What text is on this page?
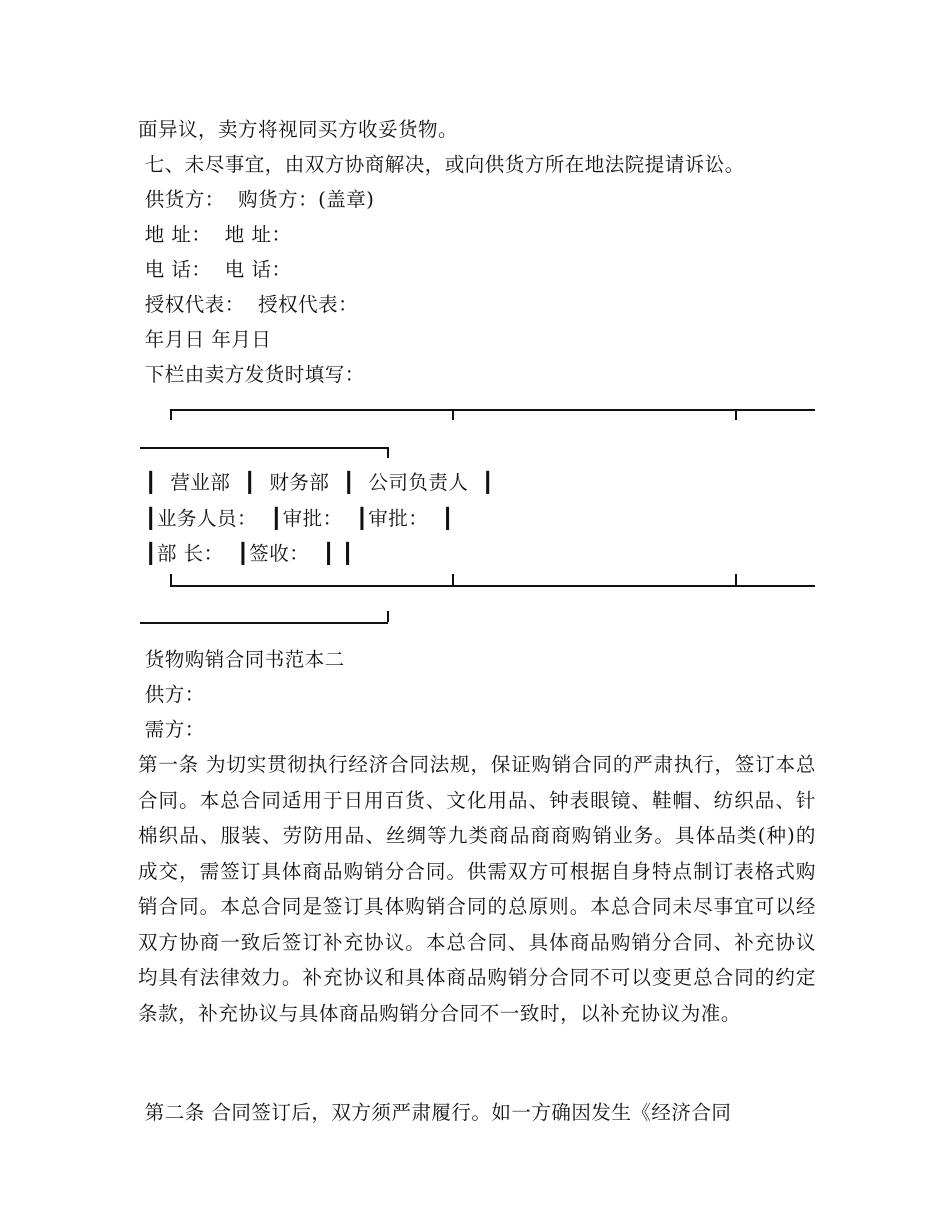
面异议，卖方将视同买方收妥货物。
七、未尽事宜，由双方协商解决，或向供货方所在地法院提请诉讼。
供货方：  购货方：(盖章)
地 址：  地 址：
电 话：  电 话：
授权代表：  授权代表：
年月日 年月日
下栏由卖方发货时填写：
┃  营业部  ┃  财务部  ┃  公司负责人  ┃
┃业务人员：  ┃审批：  ┃审批：  ┃
┃部 长：  ┃签收：  ┃ ┃
货物购销合同书范本二
供方：
需方：
第一条 为切实贯彻执行经济合同法规，保证购销合同的严肃执行，签订本总合同。本总合同适用于日用百货、文化用品、钟表眼镜、鞋帽、纺织品、针棉织品、服装、劳防用品、丝绸等九类商品商商购销业务。具体品类(种)的成交，需签订具体商品购销分合同。供需双方可根据自身特点制订表格式购销合同。本总合同是签订具体购销合同的总原则。本总合同未尽事宜可以经双方协商一致后签订补充协议。本总合同、具体商品购销分合同、补充协议均具有法律效力。补充协议和具体商品购销分合同不可以变更总合同的约定条款，补充协议与具体商品购销分合同不一致时，以补充协议为准。
第二条 合同签订后，双方须严肃履行。如一方确因发生《经济合同
